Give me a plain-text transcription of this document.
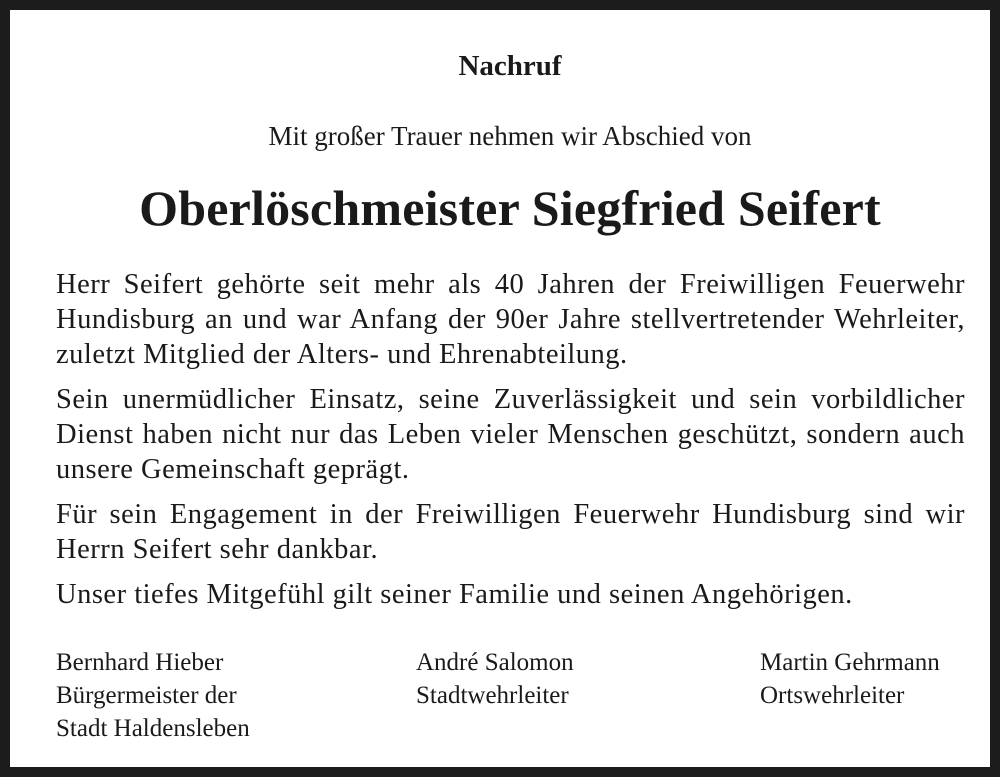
Nachruf
Mit großer Trauer nehmen wir Abschied von
Oberlöschmeister Siegfried Seifert

Herr Seifert gehörte seit mehr als 40 Jahren der Freiwilligen Feuerwehr Hundisburg an und war Anfang der 90er Jahre stellvertretender Wehrleiter, zuletzt Mitglied der Alters- und Ehrenabteilung.

Sein unermüdlicher Einsatz, seine Zuverlässigkeit und sein vorbildlicher Dienst haben nicht nur das Leben vieler Menschen geschützt, sondern auch unsere Gemeinschaft geprägt.

Für sein Engagement in der Freiwilligen Feuerwehr Hundisburg sind wir Herrn Seifert sehr dankbar.

Unser tiefes Mitgefühl gilt seiner Familie und seinen Angehörigen.

Bernhard Hieber
Bürgermeister der
Stadt Haldensleben
André Salomon
Stadtwehrleiter
Martin Gehrmann
Ortswehrleiter
